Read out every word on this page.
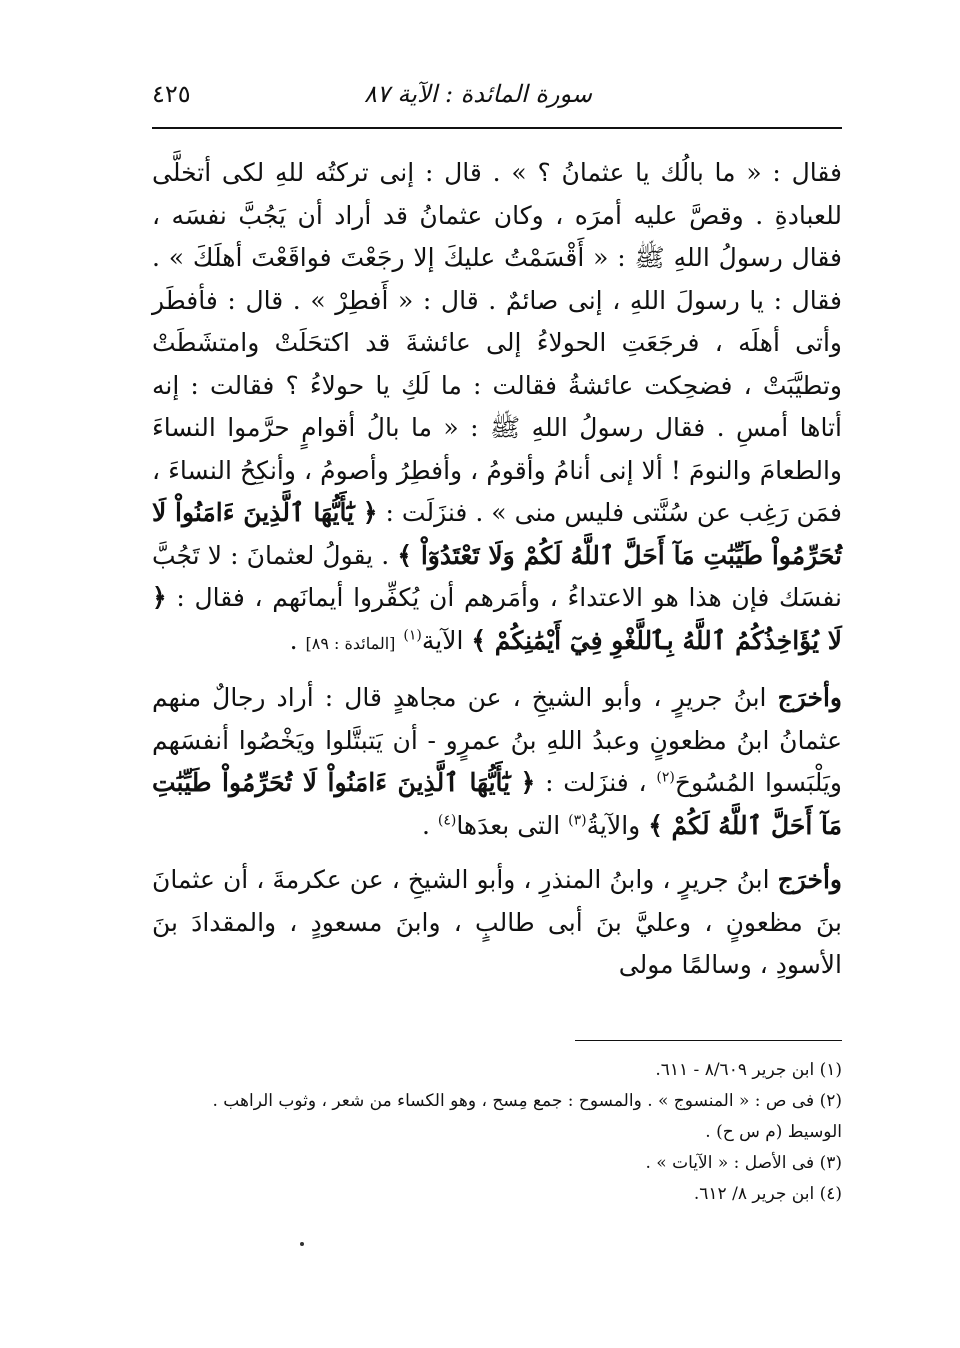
سورة المائدة : الآية ٨٧
٤٢٥

فقال : « ما بالُك يا عثمانُ ؟ » . قال : إنى تركتُه للهِ لكى أتخلَّى للعبادةِ . وقصَّ عليه أمرَه ، وكان عثمانُ قد أراد أن يَجُبَّ نفسَه ، فقال رسولُ اللهِ ﷺ : « أَقْسَمْتُ عليكَ إلا رجَعْتَ فواقَعْتَ أهلَكَ » . فقال : يا رسولَ اللهِ ، إنى صائمٌ . قال : « أَفطِرْ » . قال : فأفطَر وأتى أهلَه ، فرجَعَتِ الحولاءُ إلى عائشةَ قد اكتحَلَتْ وامتشَطَتْ وتطيَّبَتْ ، فضحِكت عائشةُ فقالت : ما لَكِ يا حولاءُ ؟ فقالت : إنه أتاها أمسِ . فقال رسولُ اللهِ ﷺ : « ما بالُ أقوامٍ حرَّموا النساءَ والطعامَ والنومَ ! ألا إنى أنامُ وأقومُ ، وأفطِرُ وأصومُ ، وأنكِحُ النساءَ ، فمَن رَغِب عن سُنَّتى فليس منى » . فنزَلَت : ﴿ يَٰٓأَيُّهَا ٱلَّذِينَ ءَامَنُواْ لَا تُحَرِّمُواْ طَيِّبَٰتِ مَآ أَحَلَّ ٱللَّهُ لَكُمْ وَلَا تَعْتَدُوٓاْ ﴾ . يقولُ لعثمانَ : لا تَجُبَّ نفسَك فإن هذا هو الاعتداءُ ، وأمَرهم أن يُكفِّروا أيمانَهم ، فقال : ﴿ لَا يُؤَاخِذُكُمُ ٱللَّهُ بِٱللَّغْوِ فِيٓ أَيْمَٰنِكُمْ ﴾ الآية$^{(١)}$ [المائدة : ٨٩] .

وأخرَج ابنُ جريرٍ ، وأبو الشيخِ ، عن مجاهدٍ قال : أراد رجالٌ منهم عثمانُ ابنُ مظعونٍ وعبدُ اللهِ بنُ عمرٍو - أن يَتبتَّلوا ويَخْصُوا أنفسَهم ويَلْبَسوا المُسُوحَ$^{(٢)}$ ، فنزَلت : ﴿ يَٰٓأَيُّهَا ٱلَّذِينَ ءَامَنُواْ لَا تُحَرِّمُواْ طَيِّبَٰتِ مَآ أَحَلَّ ٱللَّهُ لَكُمْ ﴾ والآيةُ$^{(٣)}$ التى بعدَها$^{(٤)}$ .

وأخرَج ابنُ جريرٍ ، وابنُ المنذرِ ، وأبو الشيخِ ، عن عكرمةَ ، أن عثمانَ بنَ مظعونٍ ، وعليَّ بنَ أبى طالبٍ ، وابنَ مسعودٍ ، والمقدادَ بنَ الأسودِ ، وسالمًا مولى

(١) ابن جرير ٨/٦٠٩ - ٦١١.

(٢) فى ص : « المنسوج » . والمسوح : جمع مِسح ، وهو الكساء من شعر ، وثوب الراهب .

الوسيط (م س ح) .

(٣) فى الأصل : « الآيات » .

(٤) ابن جرير ٨/ ٦١٢.
